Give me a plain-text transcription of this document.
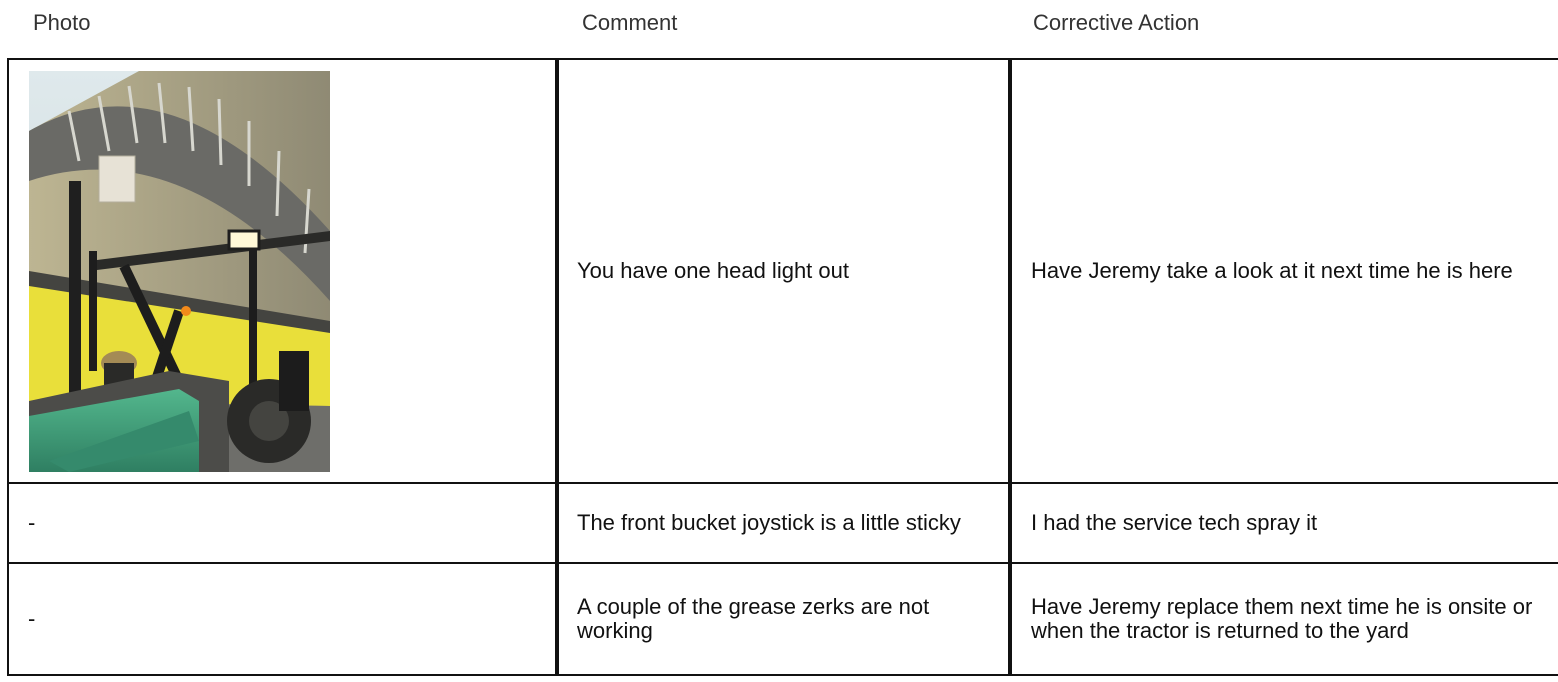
Photo	Comment	Corrective Action
	You have one head light out	Have Jeremy take a look at it next time he is here
-	The front bucket joystick is a little sticky	I had the service tech spray it
-	A couple of the grease zerks are not working	Have Jeremy replace them next time he is onsite or when the tractor is returned to the yard
